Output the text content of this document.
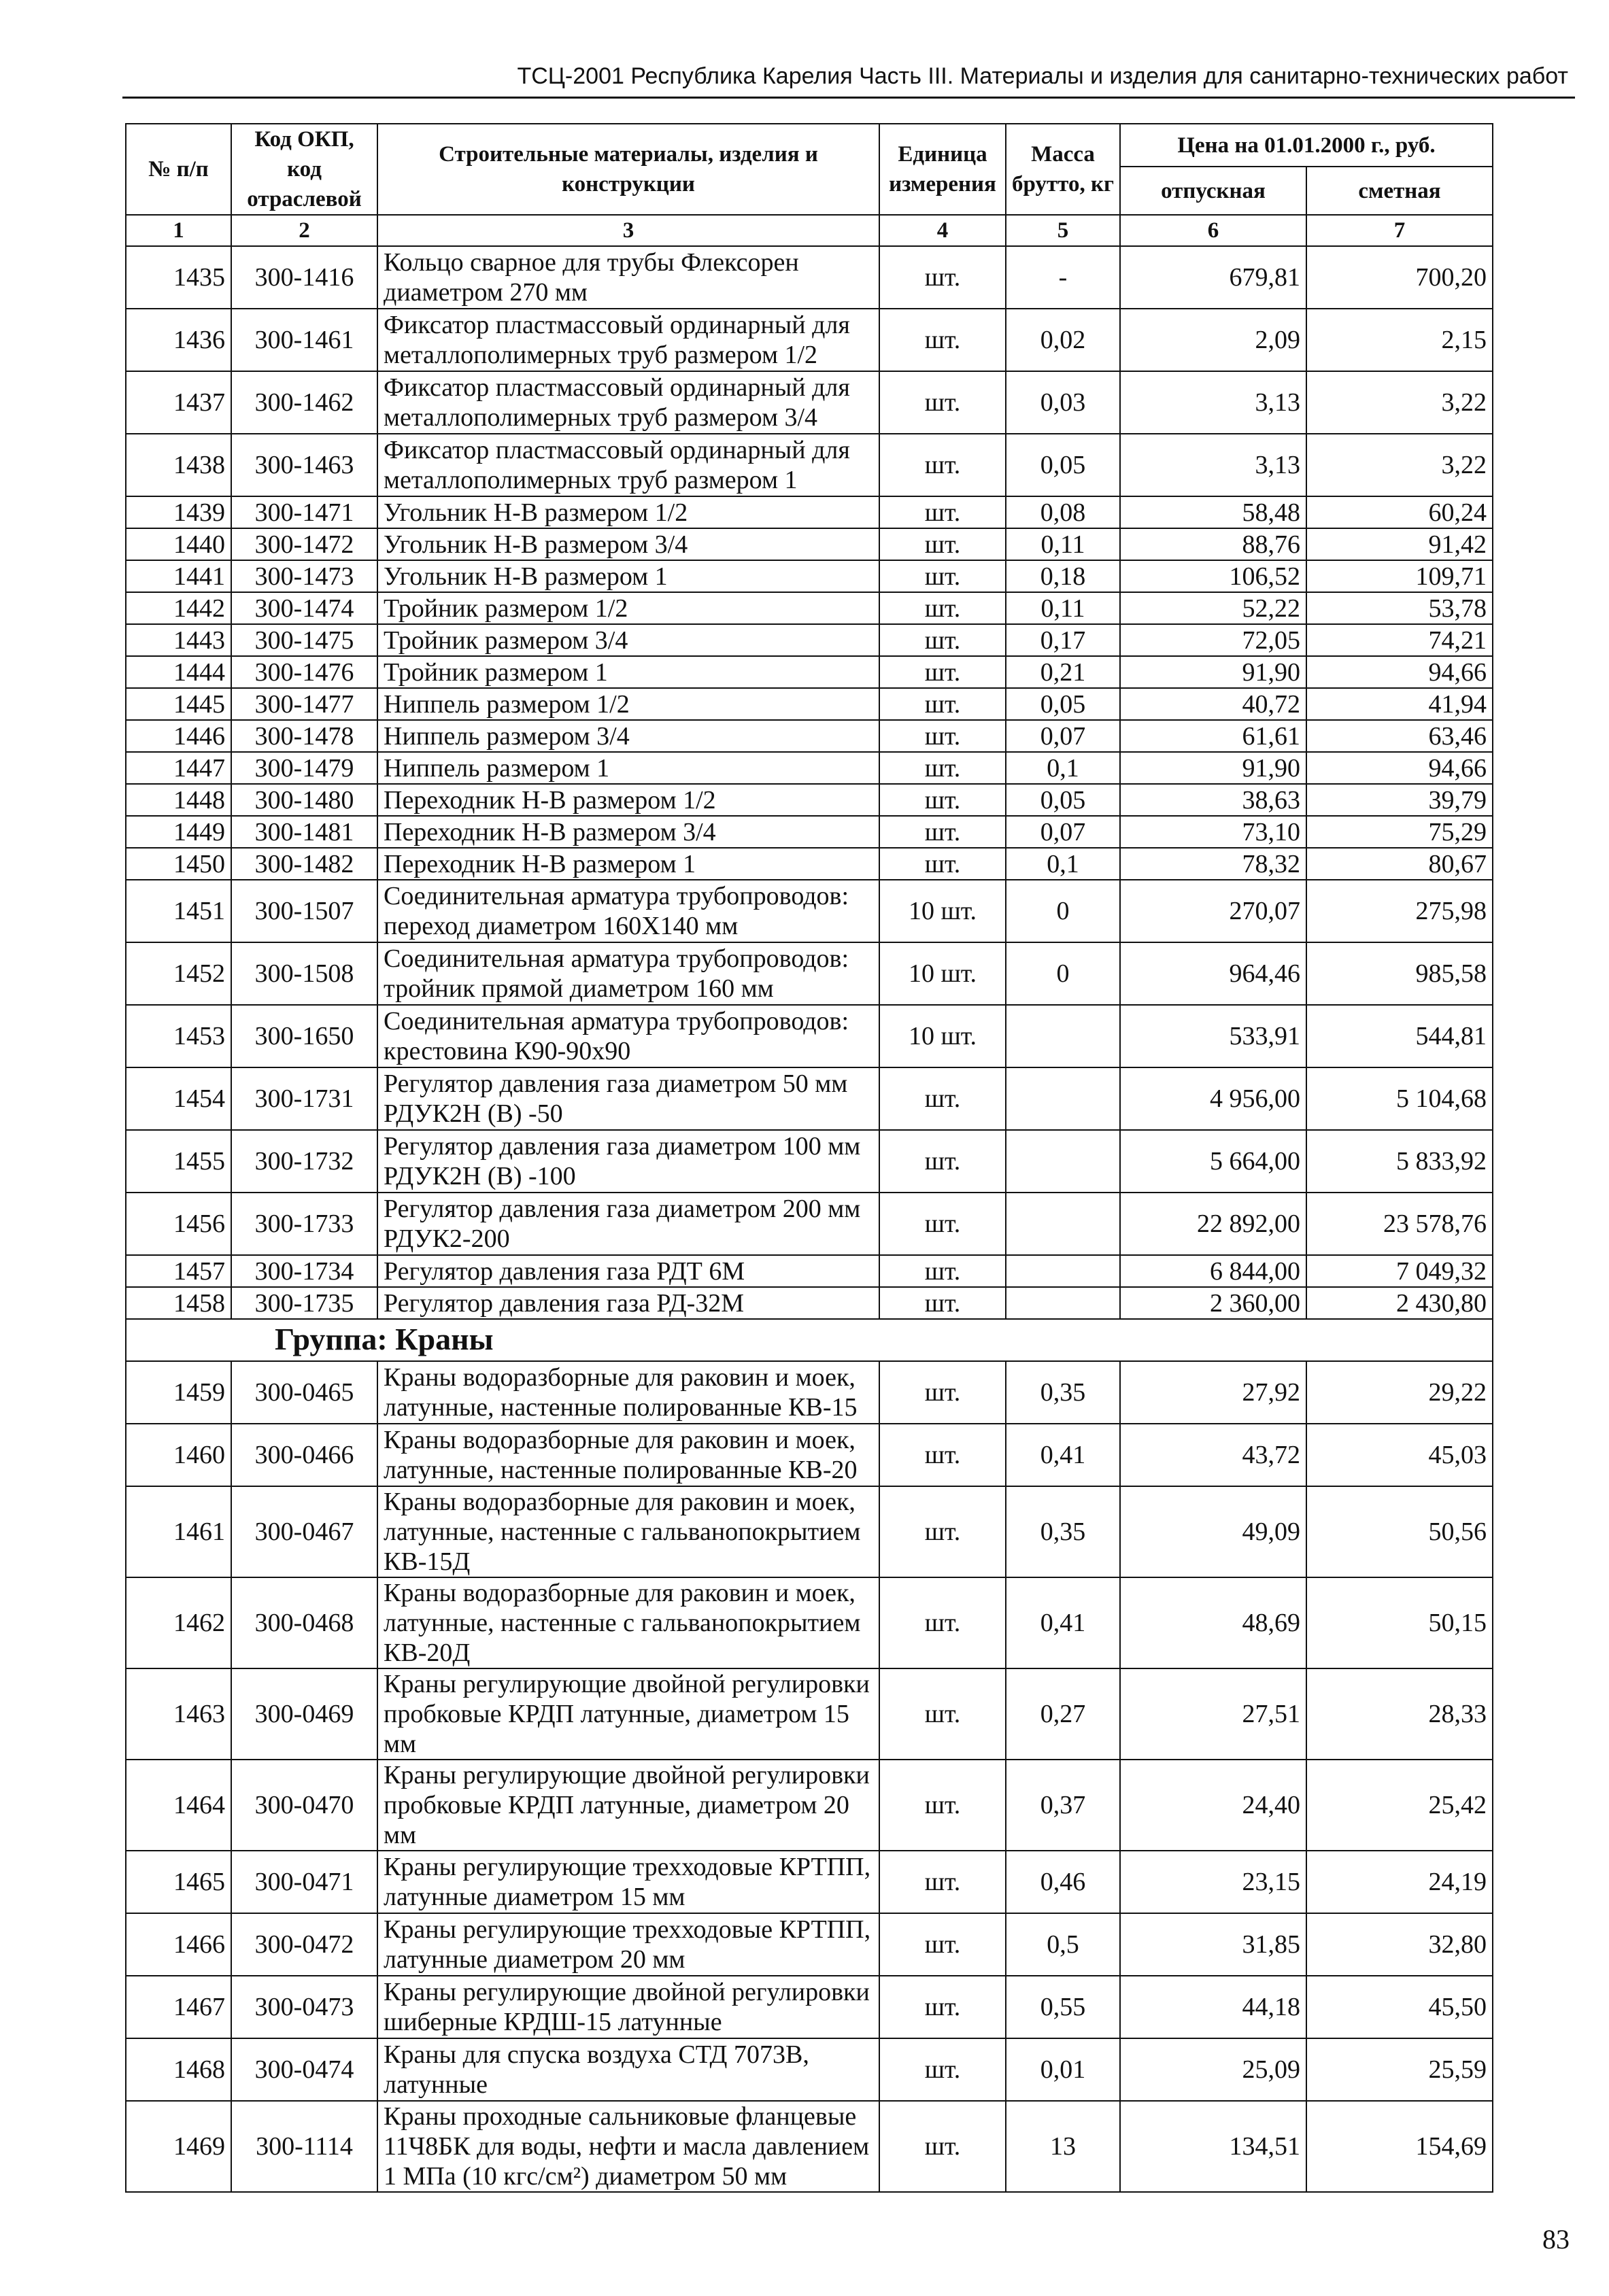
ТСЦ-2001 Республика Карелия Часть III. Материалы и изделия для санитарно-технических работ
№ п/п	Код ОКП, код отраслевой	Строительные материалы, изделия и конструкции	Единица измерения	Масса брутто, кг	Цена на 01.01.2000 г., руб.	
					отпускная	сметная
1	2	3	4	5	6	7
1435	300-1416	Кольцо сварное для трубы Флексорен диаметром 270 мм	шт.	-	679,81	700,20
1436	300-1461	Фиксатор пластмассовый ординарный для металлополимерных труб размером 1/2	шт.	0,02	2,09	2,15
1437	300-1462	Фиксатор пластмассовый ординарный для металлополимерных труб размером 3/4	шт.	0,03	3,13	3,22
1438	300-1463	Фиксатор пластмассовый ординарный для металлополимерных труб размером 1	шт.	0,05	3,13	3,22
1439	300-1471	Угольник Н-В размером 1/2	шт.	0,08	58,48	60,24
1440	300-1472	Угольник Н-В размером 3/4	шт.	0,11	88,76	91,42
1441	300-1473	Угольник Н-В размером 1	шт.	0,18	106,52	109,71
1442	300-1474	Тройник размером 1/2	шт.	0,11	52,22	53,78
1443	300-1475	Тройник размером 3/4	шт.	0,17	72,05	74,21
1444	300-1476	Тройник размером 1	шт.	0,21	91,90	94,66
1445	300-1477	Ниппель размером 1/2	шт.	0,05	40,72	41,94
1446	300-1478	Ниппель размером 3/4	шт.	0,07	61,61	63,46
1447	300-1479	Ниппель размером 1	шт.	0,1	91,90	94,66
1448	300-1480	Переходник Н-В размером 1/2	шт.	0,05	38,63	39,79
1449	300-1481	Переходник Н-В размером 3/4	шт.	0,07	73,10	75,29
1450	300-1482	Переходник Н-В размером 1	шт.	0,1	78,32	80,67
1451	300-1507	Соединительная арматура трубопроводов: переход диаметром 160Х140 мм	10 шт.	0	270,07	275,98
1452	300-1508	Соединительная арматура трубопроводов: тройник прямой диаметром 160 мм	10 шт.	0	964,46	985,58
1453	300-1650	Соединительная арматура трубопроводов: крестовина К90-90х90	10 шт.		533,91	544,81
1454	300-1731	Регулятор давления газа диаметром 50 мм РДУК2Н (В) -50	шт.		4 956,00	5 104,68
1455	300-1732	Регулятор давления газа диаметром 100 мм РДУК2Н (В) -100	шт.		5 664,00	5 833,92
1456	300-1733	Регулятор давления газа диаметром 200 мм РДУК2-200	шт.		22 892,00	23 578,76
1457	300-1734	Регулятор давления газа РДТ 6М	шт.		6 844,00	7 049,32
1458	300-1735	Регулятор давления газа РД-32М	шт.		2 360,00	2 430,80
Группа: Краны						
1459	300-0465	Краны водоразборные для раковин и моек, латунные, настенные полированные КВ-15	шт.	0,35	27,92	29,22
1460	300-0466	Краны водоразборные для раковин и моек, латунные, настенные полированные КВ-20	шт.	0,41	43,72	45,03
1461	300-0467	Краны водоразборные для раковин и моек, латунные, настенные с гальванопокрытием КВ-15Д	шт.	0,35	49,09	50,56
1462	300-0468	Краны водоразборные для раковин и моек, латунные, настенные с гальванопокрытием КВ-20Д	шт.	0,41	48,69	50,15
1463	300-0469	Краны регулирующие двойной регулировки пробковые КРДП латунные, диаметром 15 мм	шт.	0,27	27,51	28,33
1464	300-0470	Краны регулирующие двойной регулировки пробковые КРДП латунные, диаметром 20 мм	шт.	0,37	24,40	25,42
1465	300-0471	Краны регулирующие трехходовые КРТПП, латунные диаметром 15 мм	шт.	0,46	23,15	24,19
1466	300-0472	Краны регулирующие трехходовые КРТПП, латунные диаметром 20 мм	шт.	0,5	31,85	32,80
1467	300-0473	Краны регулирующие двойной регулировки шиберные КРДШ-15 латунные	шт.	0,55	44,18	45,50
1468	300-0474	Краны для спуска воздуха СТД 7073В, латунные	шт.	0,01	25,09	25,59
1469	300-1114	Краны проходные сальниковые фланцевые 11Ч8БК для воды, нефти и масла давлением 1 МПа (10 кгс/см²) диаметром 50 мм	шт.	13	134,51	154,69
83
